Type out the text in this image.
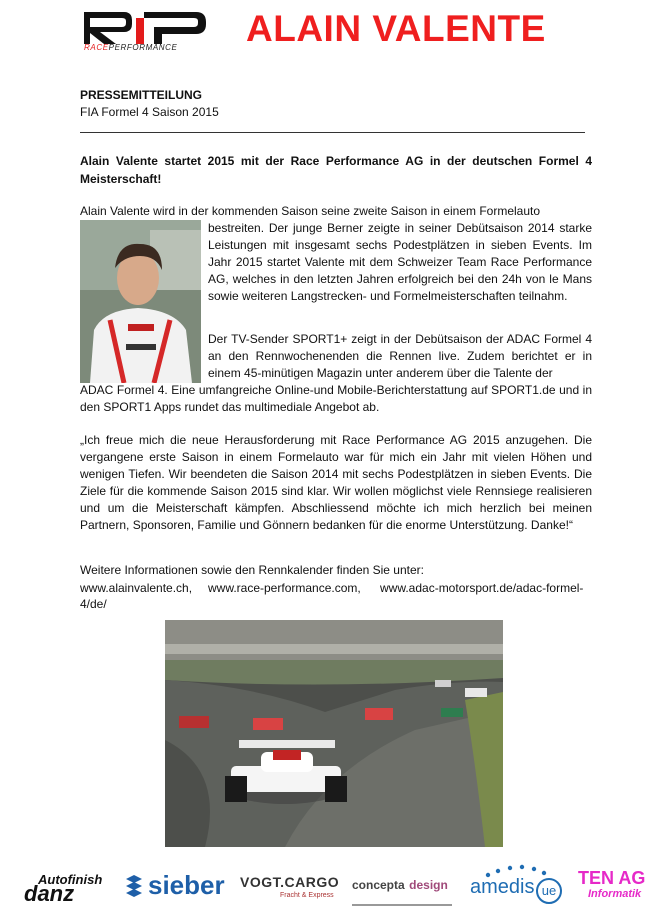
RACEPERFORMANCE ALAIN VALENTE
PRESSEMITTEILUNG
FIA Formel 4 Saison 2015
Alain Valente startet 2015 mit der Race Performance AG in der deutschen Formel 4 Meisterschaft!
Alain Valente wird in der kommenden Saison seine zweite Saison in einem Formelauto
bestreiten. Der junge Berner zeigte in seiner Debütsaison 2014 starke Leistungen mit insgesamt sechs Podestplätzen in sieben Events. Im Jahr 2015 startet Valente mit dem Schweizer Team Race Performance AG, welches in den letzten Jahren erfolgreich bei den 24h von le Mans sowie weiteren Langstrecken- und Formelmeisterschaften teilnahm.
Der TV-Sender SPORT1+ zeigt in der Debütsaison der ADAC Formel 4 an den Rennwochenenden die Rennen live. Zudem berichtet er in einem 45-minütigen Magazin unter anderem über die Talente der
ADAC Formel 4. Eine umfangreiche Online-und Mobile-Berichterstattung auf SPORT1.de und in den SPORT1 Apps rundet das multimediale Angebot ab.
„Ich freue mich die neue Herausforderung mit Race Performance AG 2015 anzugehen. Die vergangene erste Saison in einem Formelauto war für mich ein Jahr mit vielen Höhen und wenigen Tiefen. Wir beendeten die Saison 2014 mit sechs Podestplätzen in sieben Events. Die Ziele für die kommende Saison 2015 sind klar. Wir wollen möglichst viele Rennsiege realisieren und um die Meisterschaft kämpfen. Abschliessend möchte ich mich herzlich bei meinen Partnern, Sponsoren, Familie und Gönnern bedanken für die enorme Unterstützung. Danke!“
Weitere Informationen sowie den Rennkalender finden Sie unter:
www.alainvalente.ch, www.race-performance.com, www.adac-motorsport.de/adac-formel-
4/de/
Autofinish
danz	sieber VOGT.CARGO
Fracht & Express
concepta design amedis ue
TEN AG
Informatik
